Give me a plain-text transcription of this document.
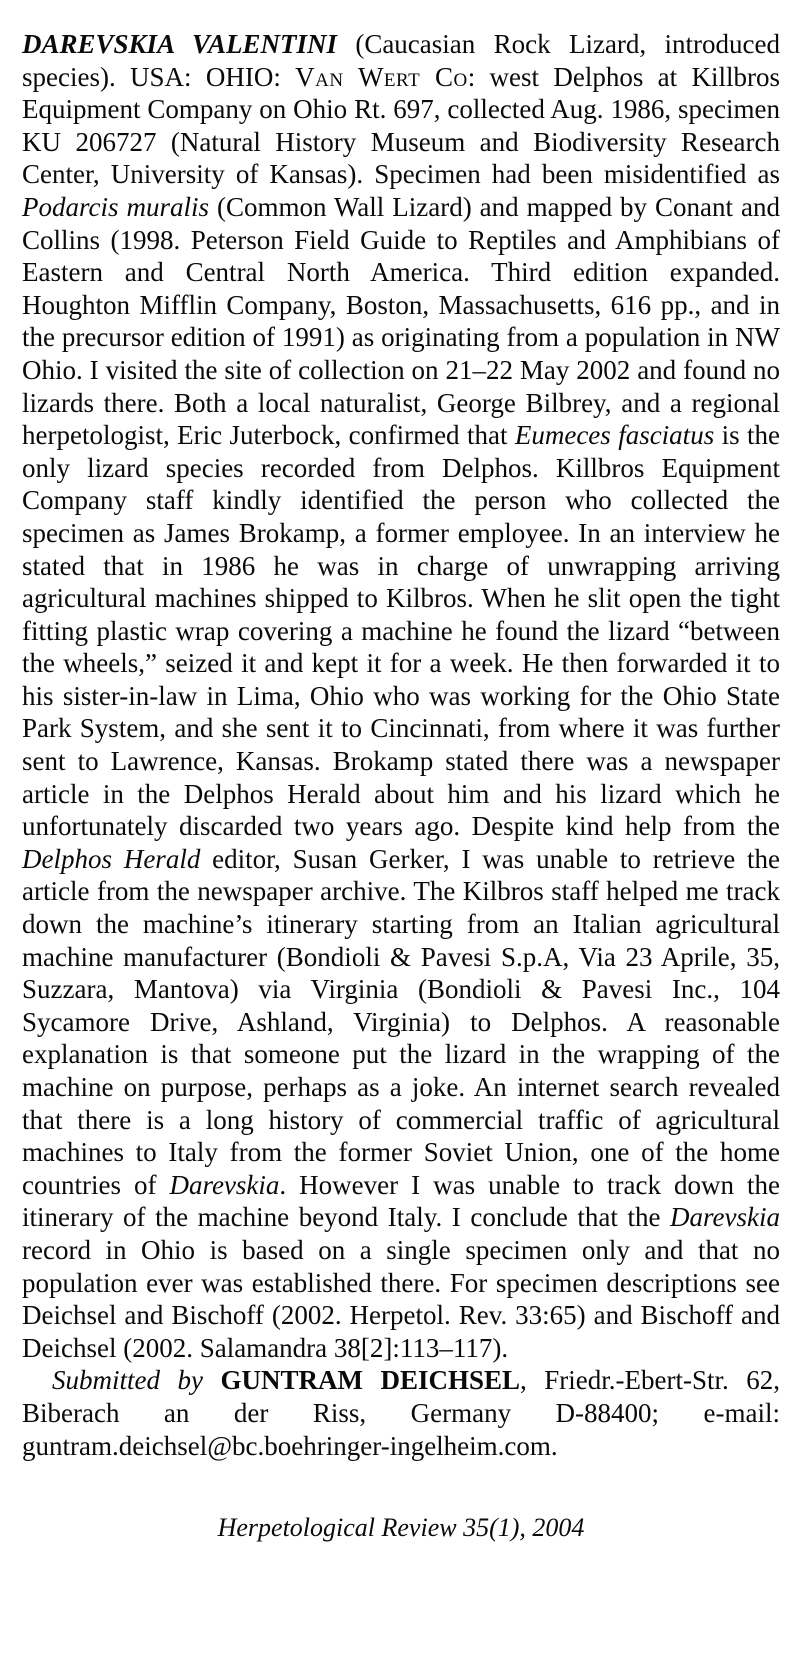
DAREVSKIA VALENTINI (Caucasian Rock Lizard, introduced species). USA: OHIO: Van Wert Co: west Delphos at Killbros Equipment Company on Ohio Rt. 697, collected Aug. 1986, specimen KU 206727 (Natural History Museum and Biodiversity Research Center, University of Kansas). Specimen had been misidentified as Podarcis muralis (Common Wall Lizard) and mapped by Conant and Collins (1998. Peterson Field Guide to Reptiles and Amphibians of Eastern and Central North America. Third edition expanded. Houghton Mifflin Company, Boston, Massachusetts, 616 pp., and in the precursor edition of 1991) as originating from a population in NW Ohio. I visited the site of collection on 21–22 May 2002 and found no lizards there. Both a local naturalist, George Bilbrey, and a regional herpetologist, Eric Juterbock, confirmed that Eumeces fasciatus is the only lizard species recorded from Delphos. Killbros Equipment Company staff kindly identified the person who collected the specimen as James Brokamp, a former employee. In an interview he stated that in 1986 he was in charge of unwrapping arriving agricultural machines shipped to Kilbros. When he slit open the tight fitting plastic wrap covering a machine he found the lizard “between the wheels,” seized it and kept it for a week. He then forwarded it to his sister-in-law in Lima, Ohio who was working for the Ohio State Park System, and she sent it to Cincinnati, from where it was further sent to Lawrence, Kansas. Brokamp stated there was a newspaper article in the Delphos Herald about him and his lizard which he unfortunately discarded two years ago. Despite kind help from the Delphos Herald editor, Susan Gerker, I was unable to retrieve the article from the newspaper archive. The Kilbros staff helped me track down the machine’s itinerary starting from an Italian agricultural machine manufacturer (Bondioli & Pavesi S.p.A, Via 23 Aprile, 35, Suzzara, Mantova) via Virginia (Bondioli & Pavesi Inc., 104 Sycamore Drive, Ashland, Virginia) to Delphos. A reasonable explanation is that someone put the lizard in the wrapping of the machine on purpose, perhaps as a joke. An internet search revealed that there is a long history of commercial traffic of agricultural machines to Italy from the former Soviet Union, one of the home countries of Darevskia. However I was unable to track down the itinerary of the machine beyond Italy. I conclude that the Darevskia record in Ohio is based on a single specimen only and that no population ever was established there. For specimen descriptions see Deichsel and Bischoff (2002. Herpetol. Rev. 33:65) and Bischoff and Deichsel (2002. Salamandra 38[2]:113–117).

Submitted by GUNTRAM DEICHSEL, Friedr.-Ebert-Str. 62, Biberach an der Riss, Germany D-88400; e-mail: guntram.deichsel@bc.boehringer-ingelheim.com.

Herpetological Review 35(1), 2004
